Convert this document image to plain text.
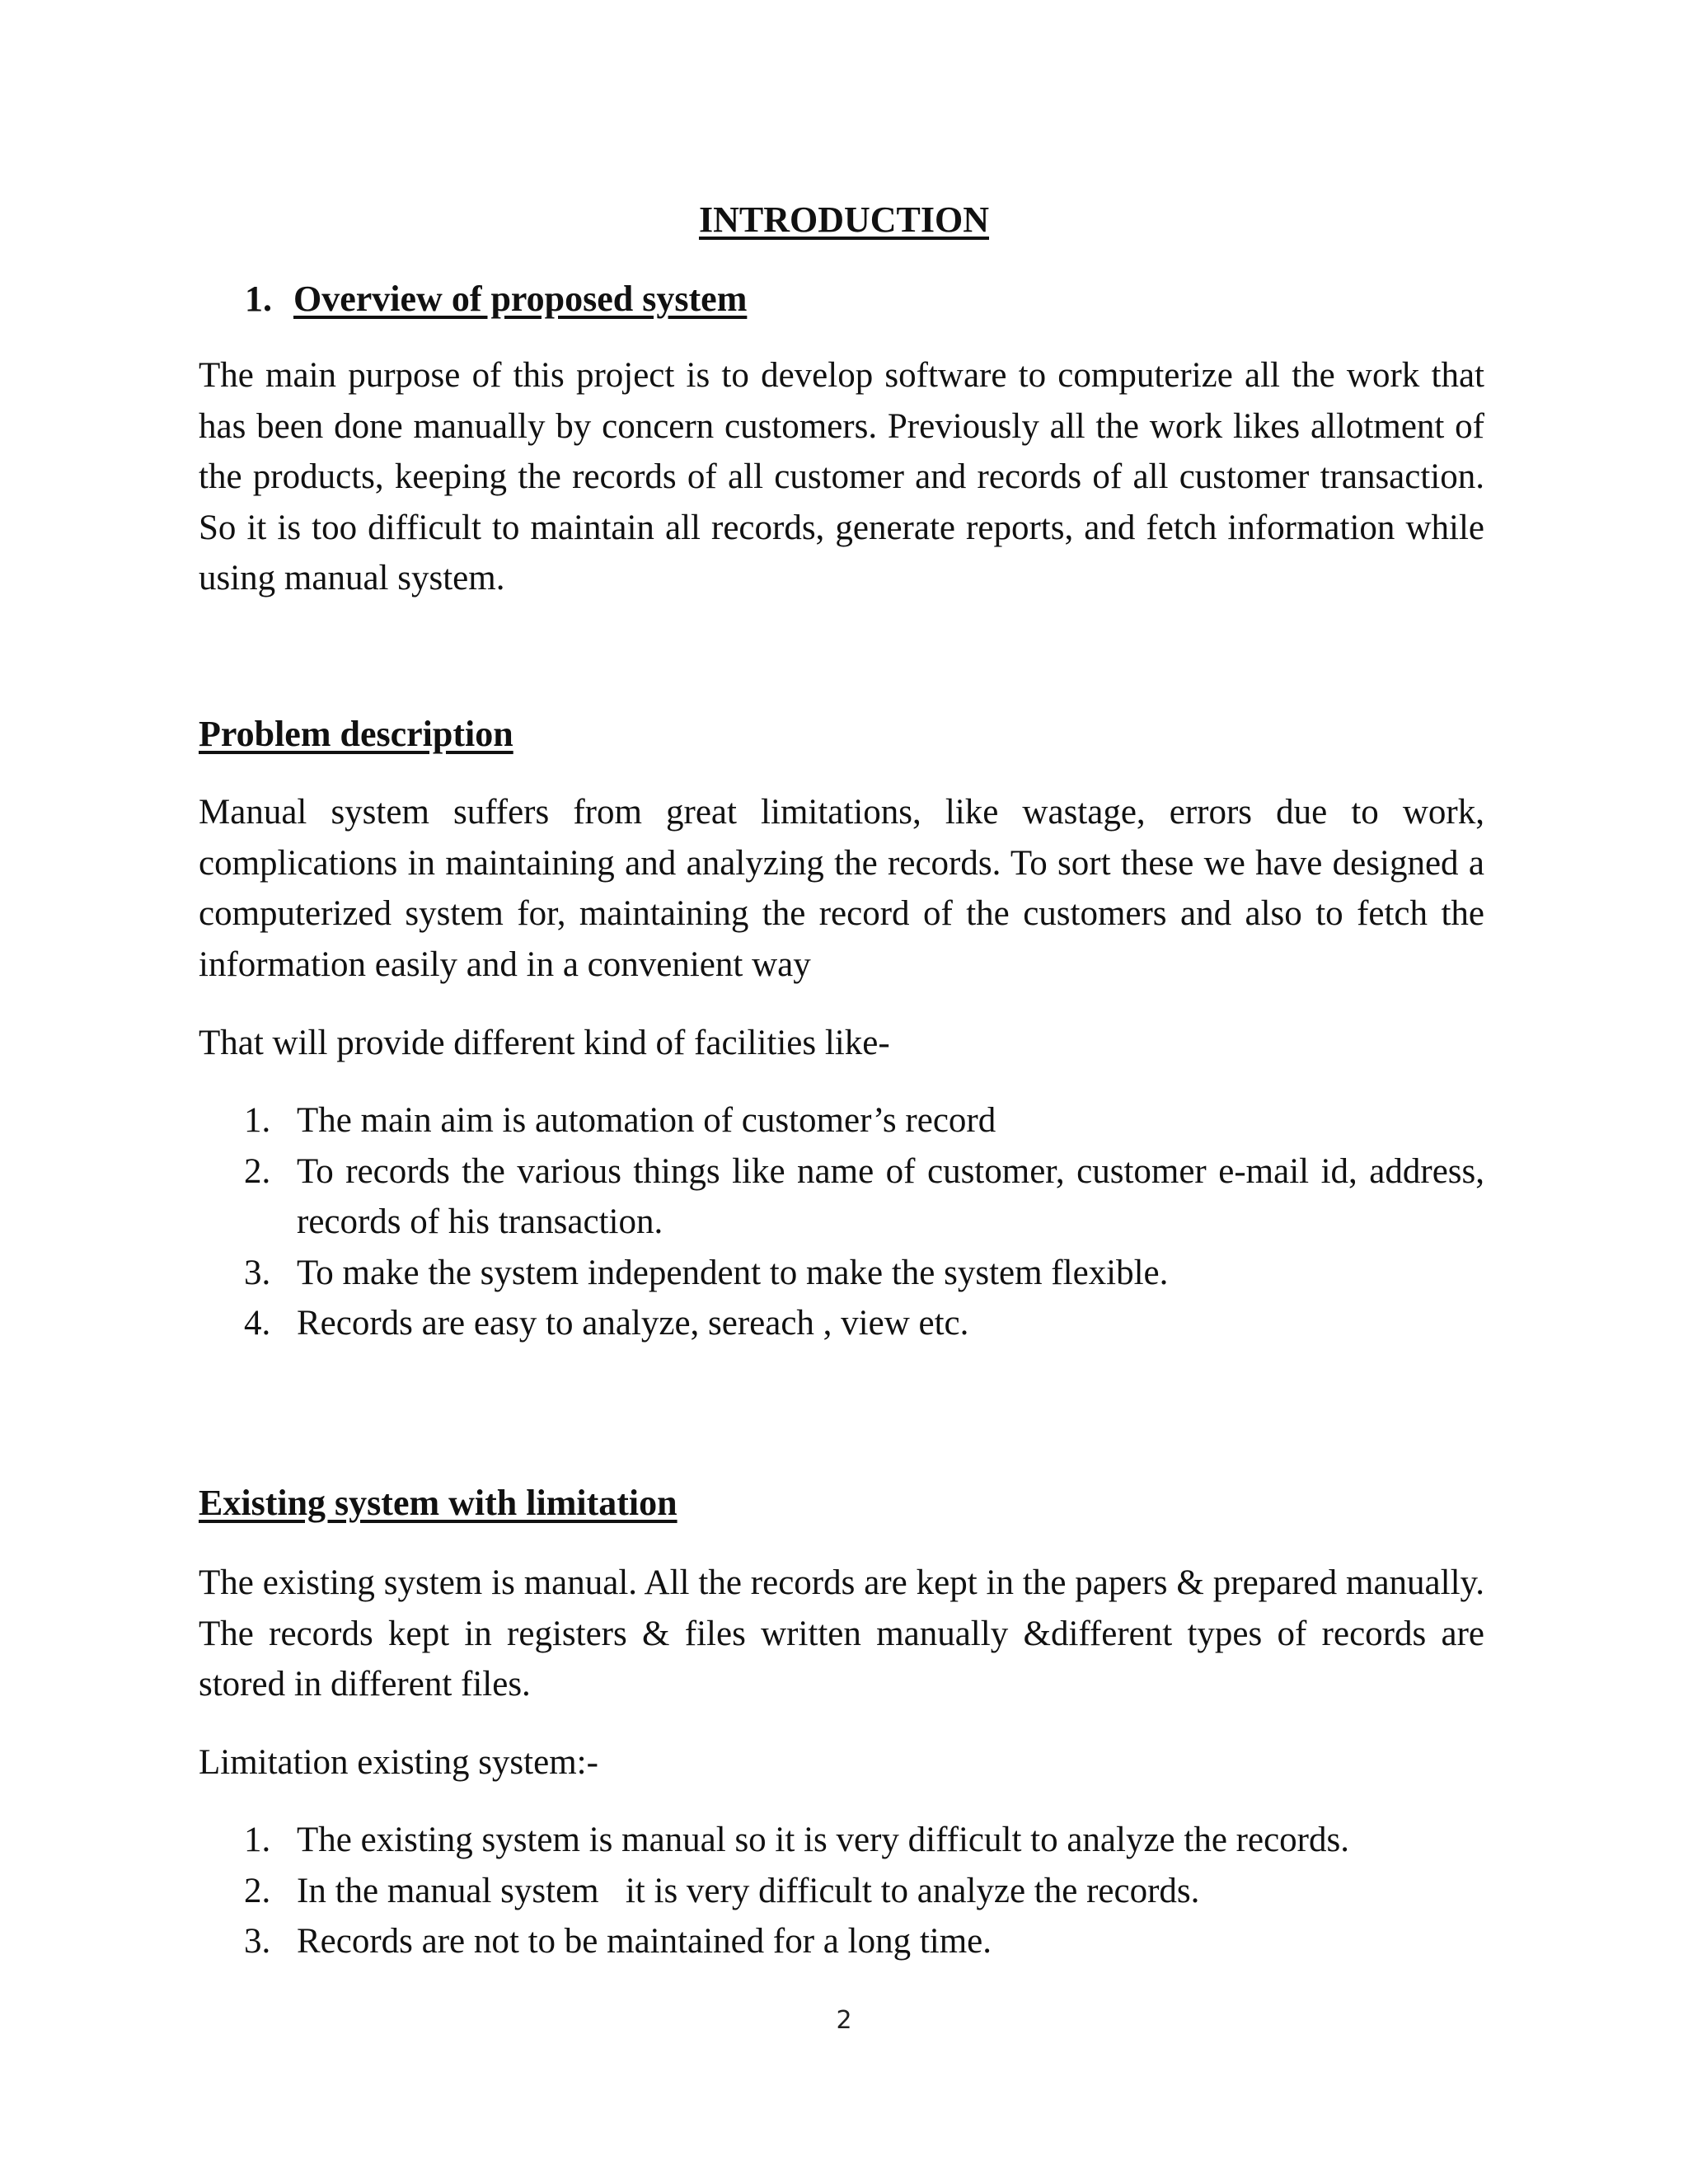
INTRODUCTION
1. Overview of proposed system

The main purpose of this project is to develop software to computerize all the work that has been done manually by concern customers. Previously all the work likes allotment of the products, keeping the records of all customer and records of all customer transaction. So it is too difficult to maintain all records, generate reports, and fetch information while using manual system.

Problem description

Manual system suffers from great limitations, like wastage, errors due to work, complications in maintaining and analyzing the records. To sort these we have designed a computerized system for, maintaining the record of the customers and also to fetch the information easily and in a convenient way

That will provide different kind of facilities like-

1. The main aim is automation of customer’s record
2. To records the various things like name of customer, customer e-mail id, address, records of his transaction.
3. To make the system independent to make the system flexible.
4. Records are easy to analyze, sereach , view etc.
Existing system with limitation

The existing system is manual. All the records are kept in the papers & prepared manually. The records kept in registers & files written manually &different types of records are stored in different files.

Limitation existing system:-

1. The existing system is manual so it is very difficult to analyze the records.
2. In the manual system   it is very difficult to analyze the records.
3. Records are not to be maintained for a long time.
2
